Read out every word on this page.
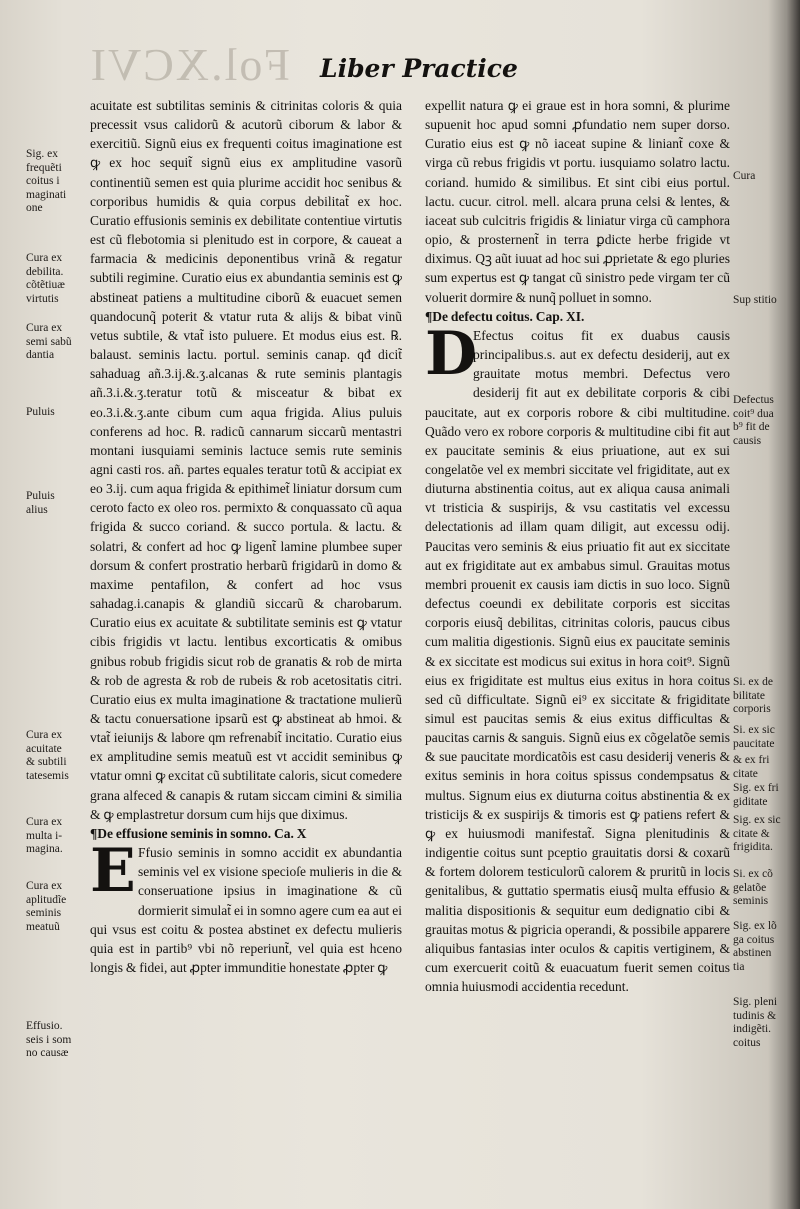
Fol.XCVI Liber Practice

acuitate est subtilitas seminis & citrinitas coloris & quia precessit vsus calidorũ & acutorũ ciborum & labor & exercitiũ. Signũ eius ex frequenti coitus imaginatione est ꝙ ex hoc sequit̃ signũ eius ex amplitudine vasorũ continentiũ semen est quia plurime accidit hoc senibus & corporibus humidis & quia corpus debilitat̃ ex hoc. Curatio effusionis seminis ex debilitate contentiue virtutis est cũ flebotomia si plenitudo est in corpore, & caueat a farmacia & medicinis deponentibus vrinã & regatur subtili regimine. Curatio eius ex abundantia seminis est ꝙ abstineat patiens a multitudine ciborũ & euacuet semen quandocunq̃ poterit & vtatur ruta & alijs & bibat vinũ vetus subtile, & vtat̃ isto puluere. Et modus eius est. ℞. balaust. seminis lactu. portul. seminis canap. qđ dicit̃ sahaduag añ.3.ij.&.ʒ.alcanas & rute seminis plantagis añ.3.i.&.ʒ.teratur totũ & misceatur & bibat ex eo.3.i.&.ʒ.ante cibum cum aqua frigida. Alius puluis conferens ad hoc. ℞. radicũ cannarum siccarũ mentastri montani iusquiami seminis lactuce semis rute seminis agni casti ros. añ. partes equales teratur totũ & accipiat ex eo 3.ij. cum aqua frigida & epithimet̃ liniatur dorsum cum ceroto facto ex oleo ros. permixto & conquassato cũ aqua frigida & succo coriand. & succo portula. & lactu. & solatri, & confert ad hoc ꝙ ligent̃ lamine plumbee super dorsum & confert prostratio herbarũ frigidarũ in domo & maxime pentafilon, & confert ad hoc vsus sahadag.i.canapis & glandiũ siccarũ & charobarum. Curatio eius ex acuitate & subtilitate seminis est ꝙ vtatur cibis frigidis vt lactu. lentibus excorticatis & omibus gnibus robub frigidis sicut rob de granatis & rob de mirta & rob de agresta & rob de rubeis & rob acetositatis citri. Curatio eius ex multa imaginatione & tractatione mulierũ & tactu conuersatione ipsarũ est ꝙ abstineat ab hmoi. & vtat̃ ieiunijs & labore qm refrenabit̃ incitatio. Curatio eius ex amplitudine semis meatuũ est vt accidit seminibus ꝙ vtatur omni ꝙ excitat cũ subtilitate caloris, sicut comedere grana alfeced & canapis & rutam siccam cimini & similia & ꝙ emplastretur dorsum cum hijs que diximus.

¶De effusione seminis in somno. Ca. X

E Ffusio seminis in somno accidit ex abundantia seminis vel ex visione specioſe mulieris in die & conseruatione ipsius in imaginatione & cũ dormierit simulat̃ ei in somno agere cum ea aut ei qui vsus est coitu & postea abstinet ex defectu mulieris quia est in partib⁹ vbi nõ reperiunt̃, vel quia est hceno longis & fidei, aut ꝓpter immunditie honestate ꝓpter ꝙ

expellit natura ꝙ ei graue est in hora somni, & plurime supuenit hoc apud somni ꝓfundatio nem super dorso. Curatio eius est ꝙ nõ iaceat supine & liniant̃ coxe & virga cũ rebus frigidis vt portu. iusquiamo solatro lactu. coriand. humido & similibus. Et sint cibi eius portul. lactu. cucur. citrol. mell. alcara pruna celsi & lentes, & iaceat sub culcitris frigidis & liniatur virga cũ camphora opio, & prosternent̃ in terra ꝑdicte herbe frigide vt diximus. Qꝫ aũt iuuat ad hoc sui ꝓprietate & ego pluries sum expertus est ꝙ tangat cũ sinistro pede virgam ter cũ voluerit dormire & nunq̃ polluet in somno.

¶De defectu coitus. Cap. XI.

D
Efectus coitus fit ex duabus causis principalibus.s. aut ex defectu desiderij, aut ex grauitate motus membri. Defectus vero desiderij fit aut ex debilitate corporis & cibi paucitate, aut ex corporis robore & cibi multitudine. Quãdo vero ex robore corporis & multitudine cibi fit aut ex paucitate seminis & eius priuatione, aut ex sui congelatõe vel ex membri siccitate vel frigiditate, aut ex diuturna abstinentia coitus, aut ex aliqua causa animali vt tristicia & suspirijs, & vsu castitatis vel excessu delectationis ad illam quam diligit, aut excessu odij. Paucitas vero seminis & eius priuatio fit aut ex siccitate aut ex frigiditate aut ex ambabus simul. Grauitas motus membri prouenit ex causis iam dictis in suo loco. Signũ defectus coeundi ex debilitate corporis est siccitas corporis eiusq̃ debilitas, citrinitas coloris, paucus cibus cum malitia digestionis. Signũ eius ex paucitate seminis & ex siccitate est modicus sui exitus in hora coit⁹. Signũ eius ex frigiditate est multus eius exitus in hora coitus sed cũ difficultate. Signũ ei⁹ ex siccitate & frigiditate simul est paucitas semis & eius exitus difficultas & paucitas carnis & sanguis. Signũ eius ex cõgelatõe semis & sue paucitate mordicatõis est casu desiderij veneris & exitus seminis in hora coitus spissus condempsatus & multus. Signum eius ex diuturna coitus abstinentia & ex tristicijs & ex suspirijs & timoris est ꝙ patiens refert & ꝙ ex huiusmodi manifestat̃. Signa plenitudinis & indigentie coitus sunt pceptio grauitatis dorsi & coxarũ & fortem dolorem testiculorũ calorem & pruritũ in locis genitalibus, & guttatio spermatis eiusq̃ multa effusio & malitia dispositionis & sequitur eum dedignatio cibi & grauitas motus & pigricia operandi, & possibile apparere aliquibus fantasias inter oculos & capitis vertiginem, & cum exercuerit coitũ & euacuatum fuerit semen coitus omnia huiusmodi accidentia recedunt.

Sig. ex
frequẽti
coitus i
maginati
one
Cura ex
debilita.
cõtẽtiuæ
virtutis
Cura ex
semi sabũ
dantia
Puluis
Puluis
alius
Cura ex
acuitate
& subtili
tatesemis
Cura ex
multa i-
magina.
Cura ex
aplitudĩe
seminis
meatuũ
Effusio.
seis i som
no causæ
Cura
Sup stitio
Defectus
coit⁹ dua
b⁹ fit de
causis
Si. ex de
bilitate
corporis
Si. ex sic
paucitate
& ex fri
citate
Sig. ex fri
giditate
Sig. ex sic
citate &
frigidita.
Si. ex cõ
gelatõe
seminis
Sig. ex lõ
ga coitus
abstinen
tia
Sig. pleni
tudinis &
indigẽti.
coitus
